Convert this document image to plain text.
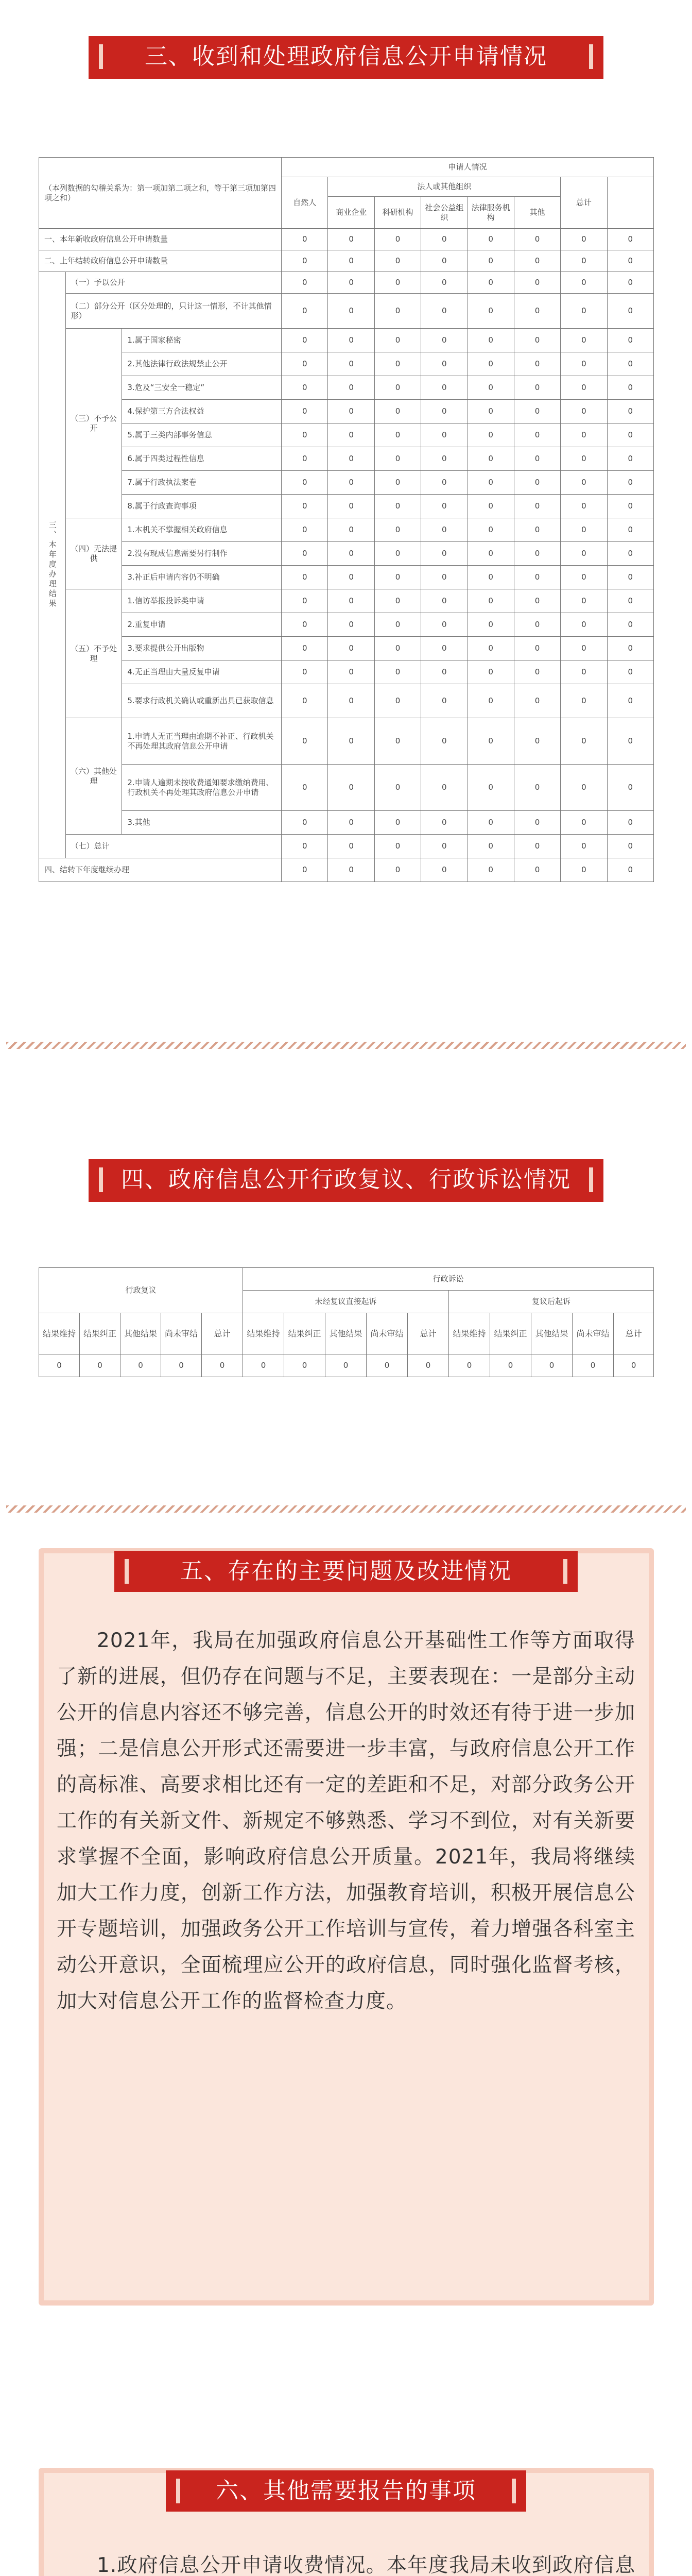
三、收到和处理政府信息公开申请情况
（本列数据的勾稽关系为：第一项加第二项之和，等于第三项加第四项之和）			申请人情况							
			自然人	法人或其他组织					总计	
				商业企业	科研机构	社会公益组织	法律服务机构	其他		
一、本年新收政府信息公开申请数量			0	0	0	0	0	0	0	0
二、上年结转政府信息公开申请数量			0	0	0	0	0	0	0	0
三、本年度办理结果	（一）予以公开		0	0	0	0	0	0	0	0
	（二）部分公开（区分处理的，只计这一情形，不计其他情形）		0	0	0	0	0	0	0	0
	（三）不予公开	1.属于国家秘密	0	0	0	0	0	0	0	0
		2.其他法律行政法规禁止公开	0	0	0	0	0	0	0	0
		3.危及“三安全一稳定”	0	0	0	0	0	0	0	0
		4.保护第三方合法权益	0	0	0	0	0	0	0	0
		5.属于三类内部事务信息	0	0	0	0	0	0	0	0
		6.属于四类过程性信息	0	0	0	0	0	0	0	0
		7.属于行政执法案卷	0	0	0	0	0	0	0	0
		8.属于行政查询事项	0	0	0	0	0	0	0	0
	（四）无法提供	1.本机关不掌握相关政府信息	0	0	0	0	0	0	0	0
		2.没有现成信息需要另行制作	0	0	0	0	0	0	0	0
		3.补正后申请内容仍不明确	0	0	0	0	0	0	0	0
	（五）不予处理	1.信访举报投诉类申请	0	0	0	0	0	0	0	0
		2.重复申请	0	0	0	0	0	0	0	0
		3.要求提供公开出版物	0	0	0	0	0	0	0	0
		4.无正当理由大量反复申请	0	0	0	0	0	0	0	0
		5.要求行政机关确认或重新出具已获取信息	0	0	0	0	0	0	0	0
	（六）其他处理	1.申请人无正当理由逾期不补正、行政机关不再处理其政府信息公开申请	0	0	0	0	0	0	0	0
		2.申请人逾期未按收费通知要求缴纳费用、行政机关不再处理其政府信息公开申请	0	0	0	0	0	0	0	0
		3.其他	0	0	0	0	0	0	0	0
	（七）总计		0	0	0	0	0	0	0	0
四、结转下年度继续办理			0	0	0	0	0	0	0	0
四、政府信息公开行政复议、行政诉讼情况
行政复议					行政诉讼									
					未经复议直接起诉					复议后起诉				
结果维持	结果纠正	其他结果	尚未审结	总计	结果维持	结果纠正	其他结果	尚未审结	总计	结果维持	结果纠正	其他结果	尚未审结	总计
0	0	0	0	0	0	0	0	0	0	0	0	0	0	0
五、存在的主要问题及改进情况

2021年，我局在加强政府信息公开基础性工作等方面取得了新的进展，但仍存在问题与不足，主要表现在：一是部分主动公开的信息内容还不够完善，信息公开的时效还有待于进一步加强；二是信息公开形式还需要进一步丰富，与政府信息公开工作的高标准、高要求相比还有一定的差距和不足，对部分政务公开工作的有关新文件、新规定不够熟悉、学习不到位，对有关新要求掌握不全面，影响政府信息公开质量。2021年，我局将继续加大工作力度，创新工作方法，加强教育培训，积极开展信息公开专题培训，加强政务公开工作培训与宣传，着力增强各科室主动公开意识，全面梳理应公开的政府信息，同时强化监督考核，加大对信息公开工作的监督检查力度。

六、其他需要报告的事项

1.政府信息公开申请收费情况。本年度我局未收到政府信息
